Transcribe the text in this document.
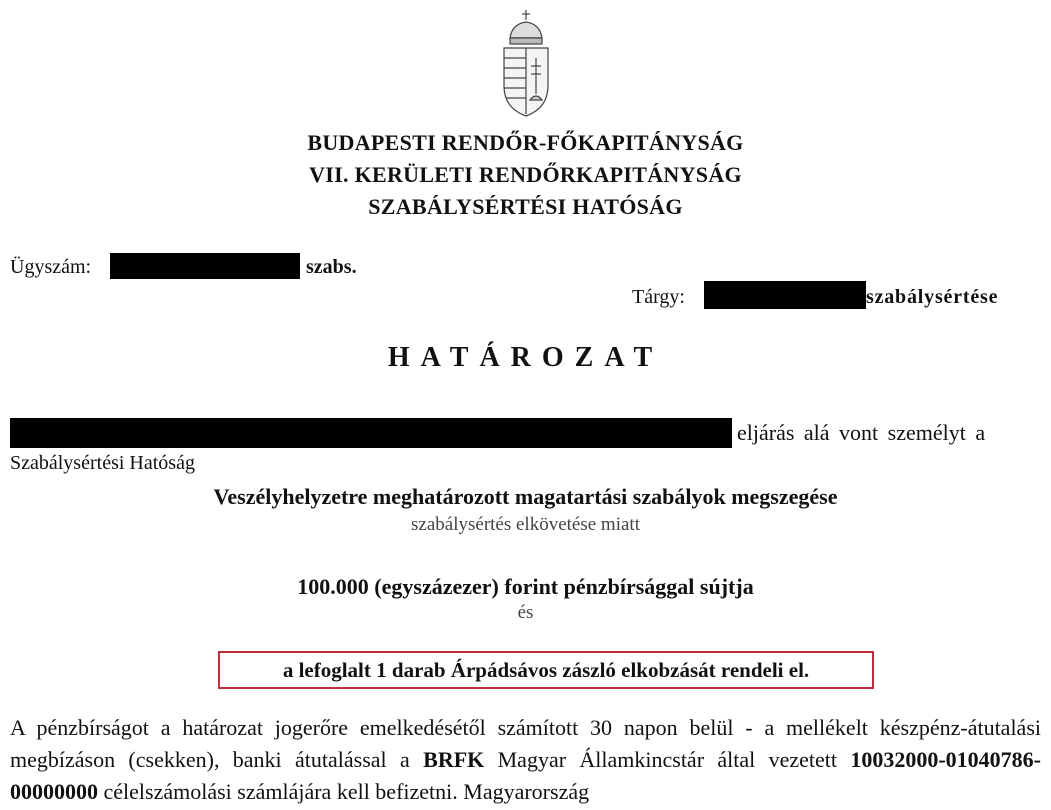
BUDAPESTI RENDŐR-FŐKAPITÁNYSÁG
VII. KERÜLETI RENDŐRKAPITÁNYSÁG
SZABÁLYSÉRTÉSI HATÓSÁG
Ügyszám:	szabs.
Tárgy:	szabálysértése
HATÁROZAT
eljárás alá vont személyt a
Szabálysértési Hatóság
Veszélyhelyzetre meghatározott magatartási szabályok megszegése
szabálysértés elkövetése miatt
100.000 (egyszázezer) forint pénzbírsággal sújtja
és
a lefoglalt 1 darab Árpádsávos zászló elkobzását rendeli el.
A pénzbírságot a határozat jogerőre emelkedésétől számított 30 napon belül - a mellékelt készpénz-átutalási megbízáson (csekken), banki átutalással a BRFK Magyar Államkincstár által vezetett 10032000-01040786-00000000 célelszámolási számlájára kell befizetni. Magyarország
